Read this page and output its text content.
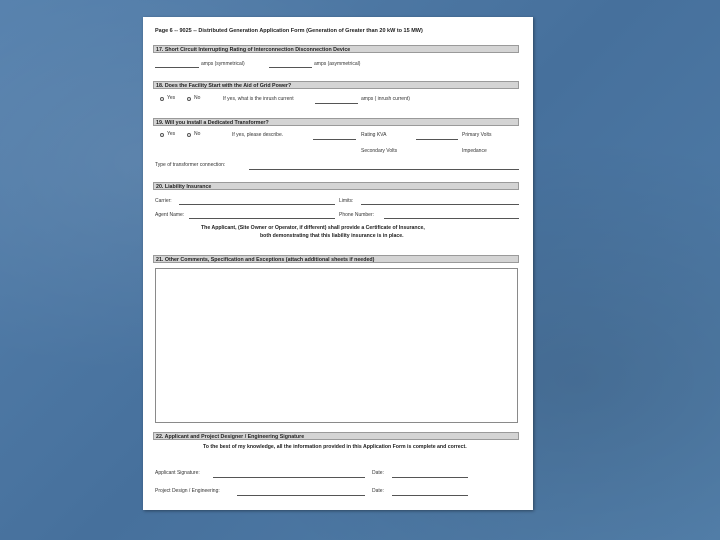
Page 6 -- 9025 -- Distributed Generation Application Form (Generation of Greater than 20 kW to 15 MW)
17. Short Circuit Interrupting Rating of Interconnection Disconnection Device
amps (symmetrical)	amps (asymmetrical)
18. Does the Facility Start with the Aid of Grid Power?
Yes	No	If yes, what is the inrush current	amps ( inrush current)
19. Will you install a Dedicated Transformer?
Yes	No	If yes, please describe.	Rating KVA	Primary Volts
Secondary Volts	Impedance
Type of transformer connection:
20. Liability Insurance
Carrier:	Limits:
Agent Name:	Phone Number:
The Applicant, (Site Owner or Operator, if different) shall provide a Certificate of Insurance,
both demonstrating that this liability insurance is in place.
21. Other Comments, Specification and Exceptions (attach additional sheets if needed)
22. Applicant and Project Designer / Engineering Signature
To the best of my knowledge, all the information provided in this Application Form is complete and correct.
Applicant Signature:	Date:
Project Design / Engineering:	Date:
